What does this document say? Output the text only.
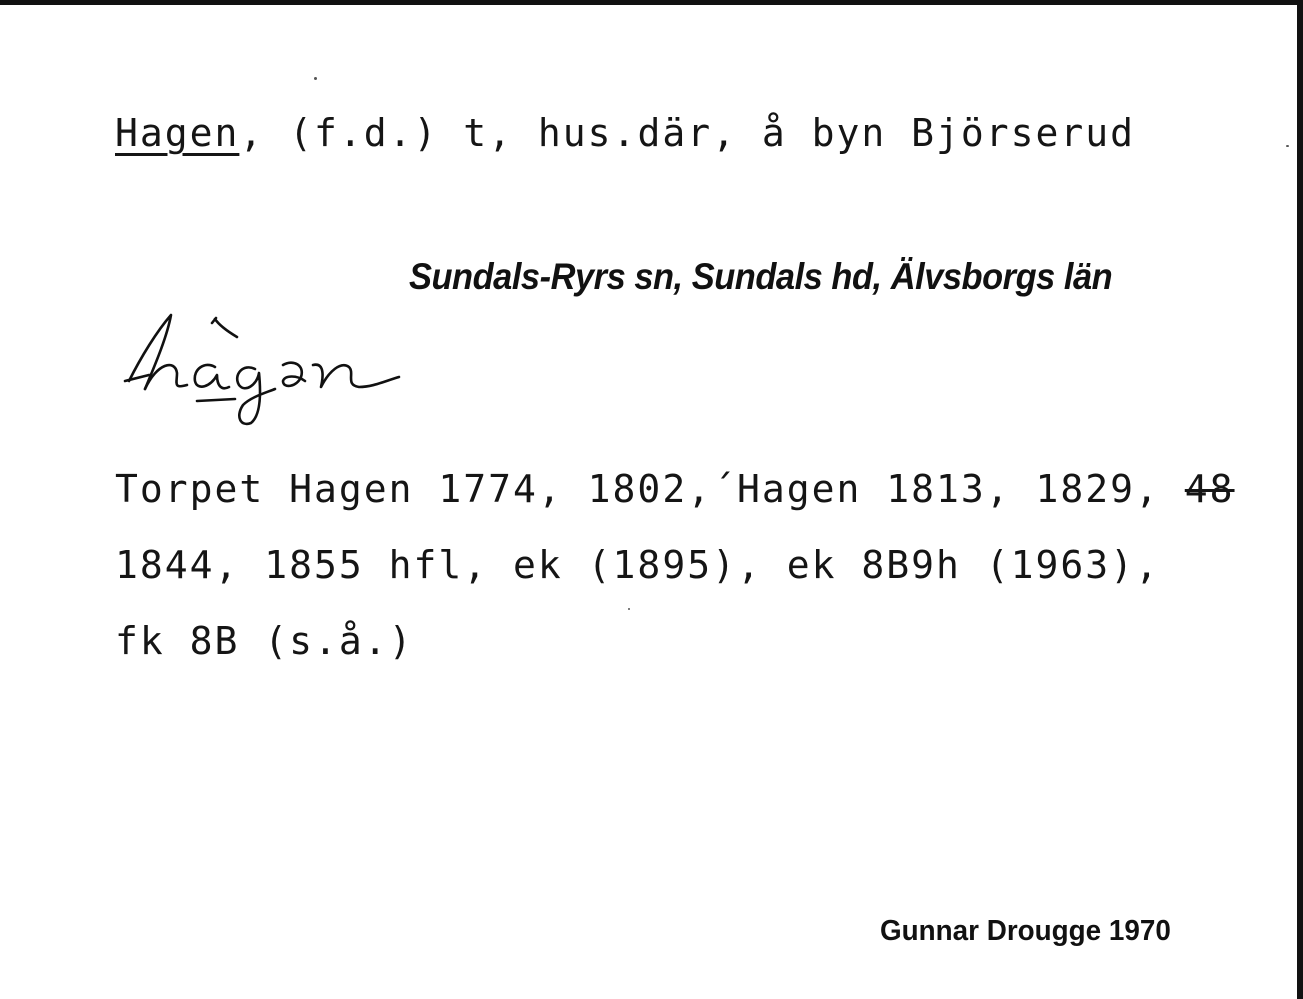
Hagen, (f.d.) t, hus.där, å byn Björserud
Sundals-Ryrs sn, Sundals hd, Älvsborgs län
Torpet Hagen 1774, 1802,´Hagen 1813, 1829, 48
1844, 1855 hfl, ek (1895), ek 8B9h (1963),
fk 8B (s.å.)
Gunnar Drougge 1970
